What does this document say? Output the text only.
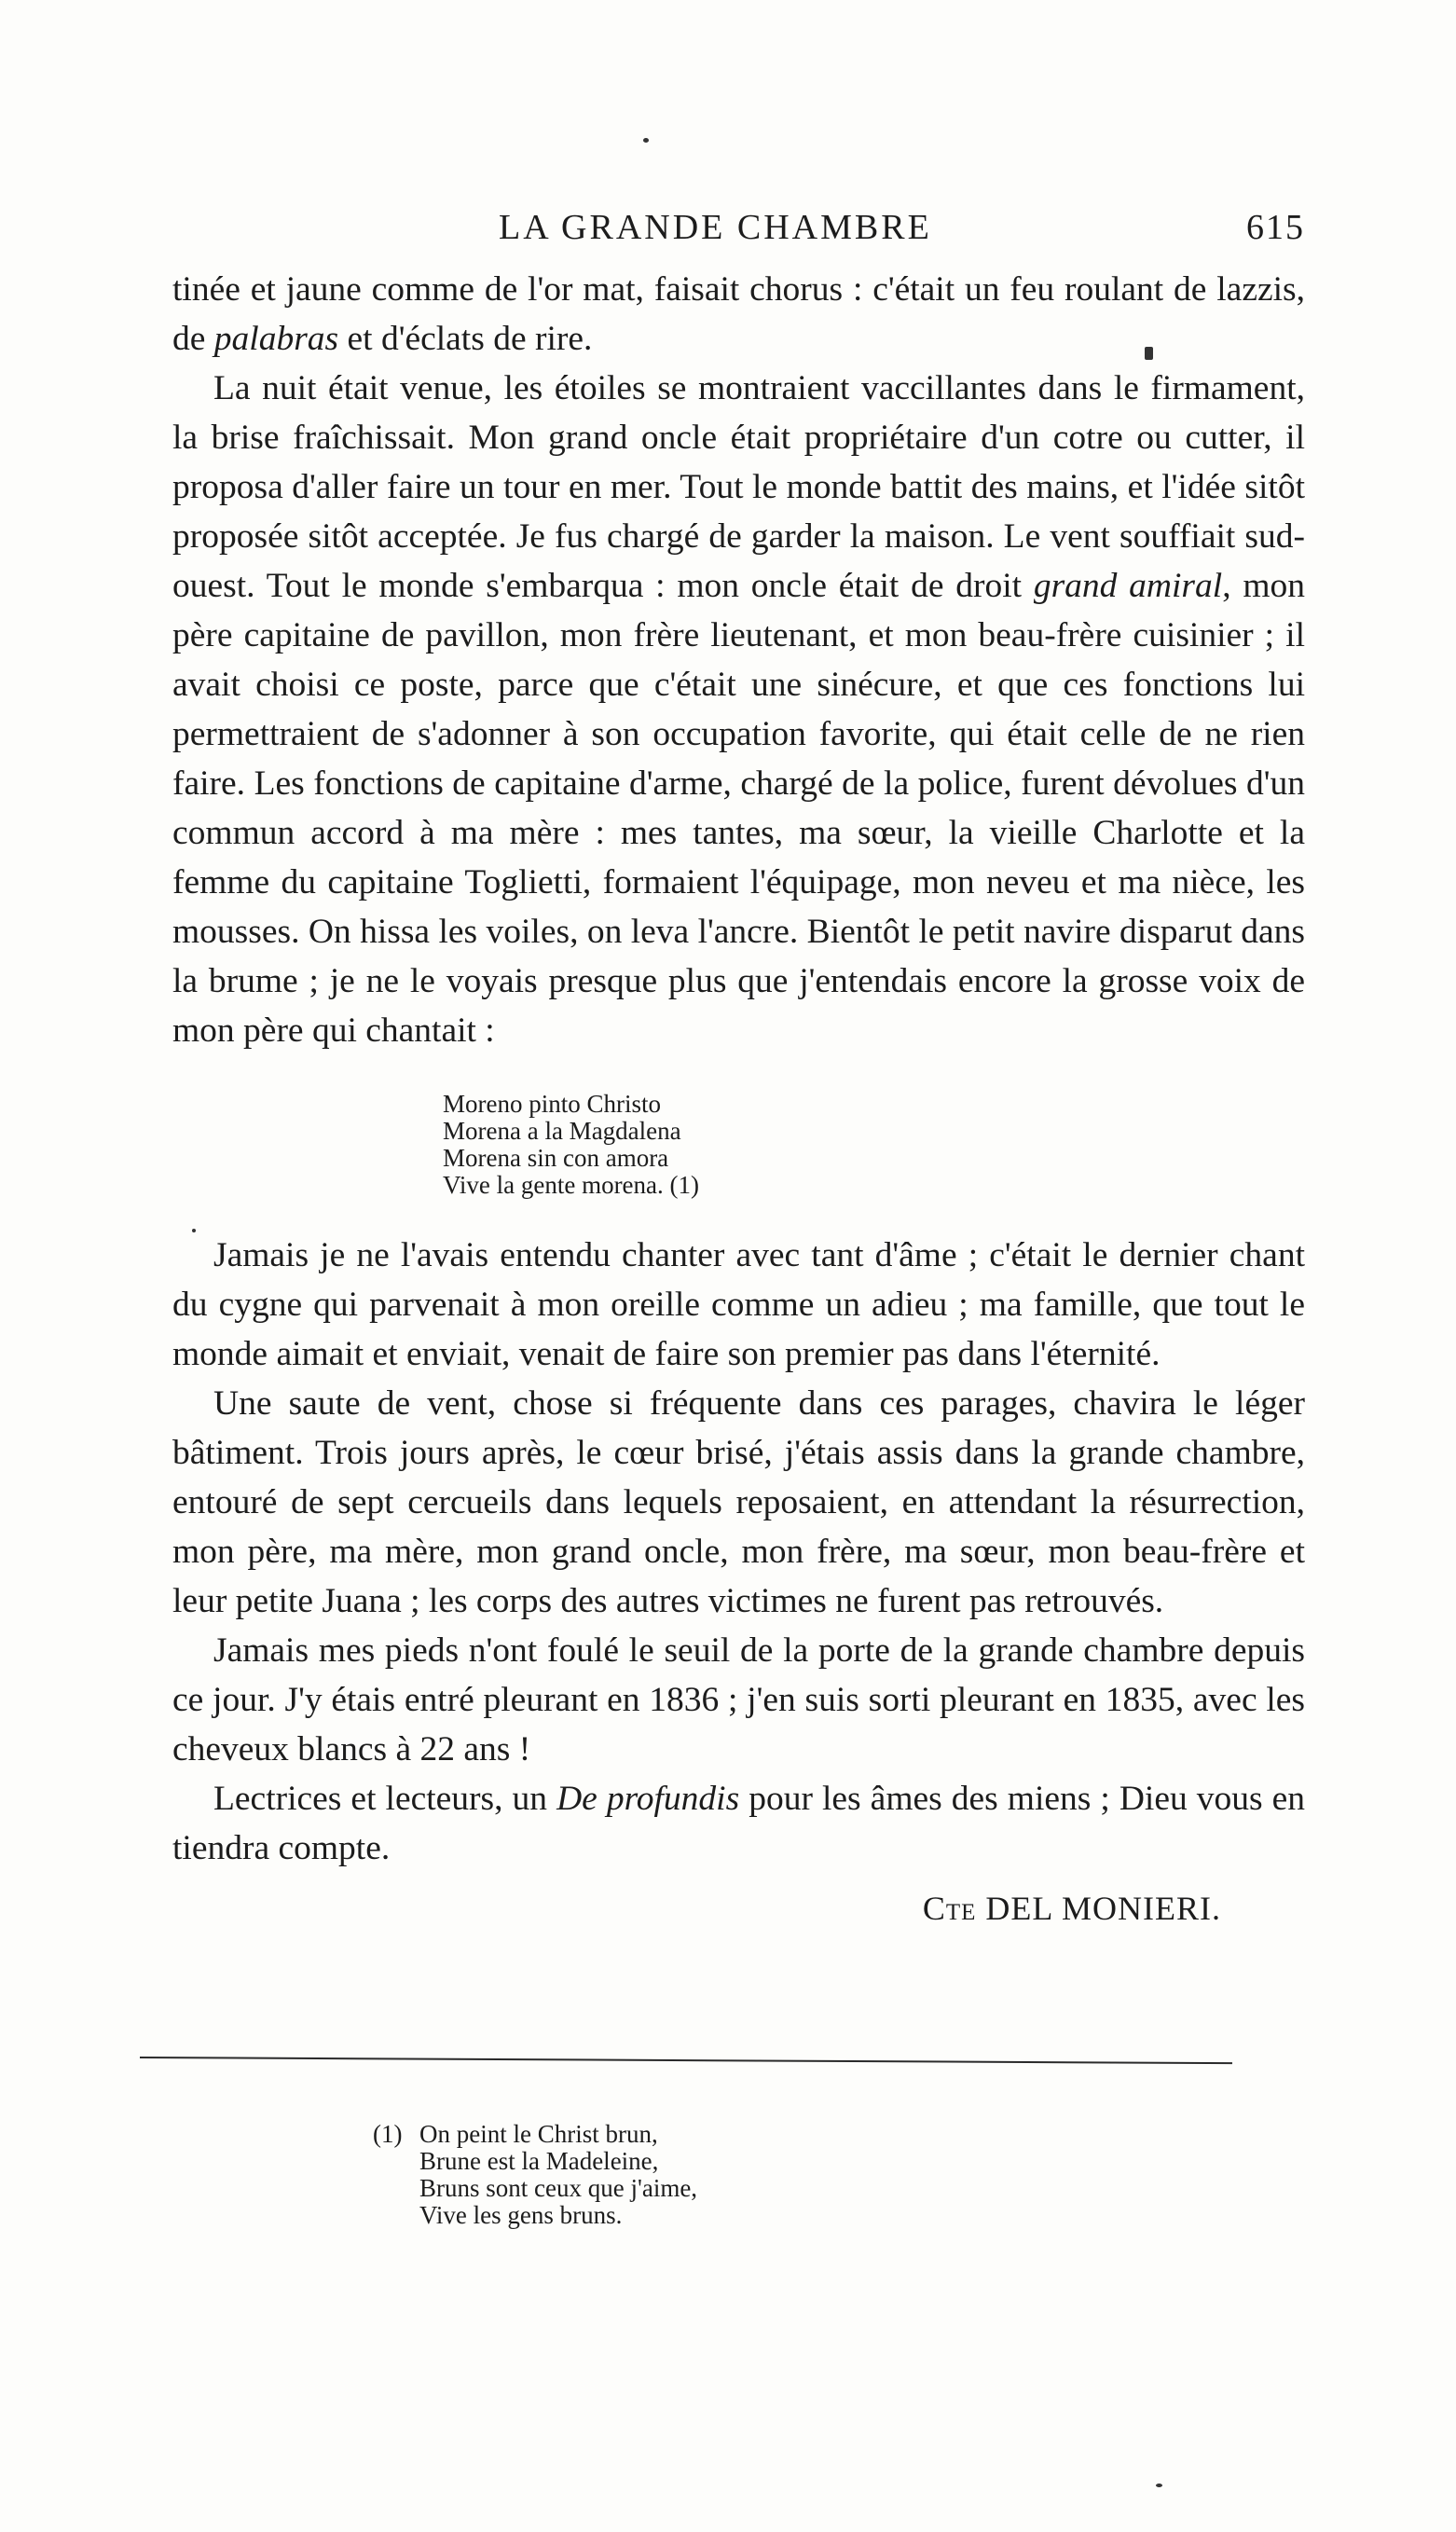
LA GRANDE CHAMBRE	615

tinée et jaune comme de l'or mat, faisait chorus : c'était un feu roulant de lazzis, de palabras et d'éclats de rire.

La nuit était venue, les étoiles se montraient vaccillantes dans le firmament, la brise fraîchissait. Mon grand oncle était propriétaire d'un cotre ou cutter, il proposa d'aller faire un tour en mer. Tout le monde battit des mains, et l'idée sitôt proposée sitôt acceptée. Je fus chargé de garder la maison. Le vent souffiait sud-ouest. Tout le monde s'embarqua : mon oncle était de droit grand amiral, mon père capitaine de pavillon, mon frère lieutenant, et mon beau-frère cuisinier ; il avait choisi ce poste, parce que c'était une sinécure, et que ces fonctions lui permettraient de s'adonner à son occupation favorite, qui était celle de ne rien faire. Les fonctions de capitaine d'arme, chargé de la police, furent dévolues d'un commun accord à ma mère : mes tantes, ma sœur, la vieille Charlotte et la femme du capitaine Toglietti, formaient l'équipage, mon neveu et ma nièce, les mousses. On hissa les voiles, on leva l'ancre. Bientôt le petit navire disparut dans la brume ; je ne le voyais presque plus que j'entendais encore la grosse voix de mon père qui chantait :

Moreno pinto Christo
Morena a la Magdalena
Morena sin con amora
Vive la gente morena. (1)

Jamais je ne l'avais entendu chanter avec tant d'âme ; c'était le dernier chant du cygne qui parvenait à mon oreille comme un adieu ; ma famille, que tout le monde aimait et enviait, venait de faire son premier pas dans l'éternité.

Une saute de vent, chose si fréquente dans ces parages, chavira le léger bâtiment. Trois jours après, le cœur brisé, j'étais assis dans la grande chambre, entouré de sept cercueils dans lequels reposaient, en attendant la résurrection, mon père, ma mère, mon grand oncle, mon frère, ma sœur, mon beau-frère et leur petite Juana ; les corps des autres victimes ne furent pas retrouvés.

Jamais mes pieds n'ont foulé le seuil de la porte de la grande chambre depuis ce jour. J'y étais entré pleurant en 1836 ; j'en suis sorti pleurant en 1835, avec les cheveux blancs à 22 ans !

Lectrices et lecteurs, un De profundis pour les âmes des miens ; Dieu vous en tiendra compte.

Cte DEL MONIERI.
(1) On peint le Christ brun,
Brune est la Madeleine,
Bruns sont ceux que j'aime,
Vive les gens bruns.
